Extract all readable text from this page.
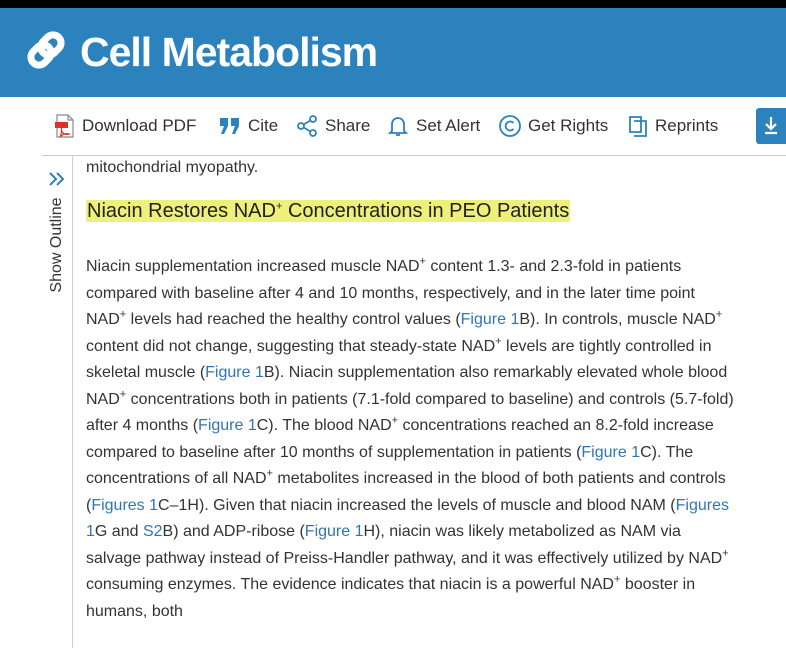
Cell Metabolism
Download PDF	Cite	Share	Set Alert	Get Rights	Reprints
Show Outline
mitochondrial myopathy.
Niacin Restores NAD+ Concentrations in PEO Patients
Niacin supplementation increased muscle NAD+ content 1.3- and 2.3-fold in patients compared with baseline after 4 and 10 months, respectively, and in the later time point NAD+ levels had reached the healthy control values (Figure 1B). In controls, muscle NAD+ content did not change, suggesting that steady-state NAD+ levels are tightly controlled in skeletal muscle (Figure 1B). Niacin supplementation also remarkably elevated whole blood NAD+ concentrations both in patients (7.1-fold compared to baseline) and controls (5.7-fold) after 4 months (Figure 1C). The blood NAD+ concentrations reached an 8.2-fold increase compared to baseline after 10 months of supplementation in patients (Figure 1C). The concentrations of all NAD+ metabolites increased in the blood of both patients and controls (Figures 1C–1H). Given that niacin increased the levels of muscle and blood NAM (Figures 1G and S2B) and ADP-ribose (Figure 1H), niacin was likely metabolized as NAM via salvage pathway instead of Preiss-Handler pathway, and it was effectively utilized by NAD+ consuming enzymes. The evidence indicates that niacin is a powerful NAD+ booster in humans, both
